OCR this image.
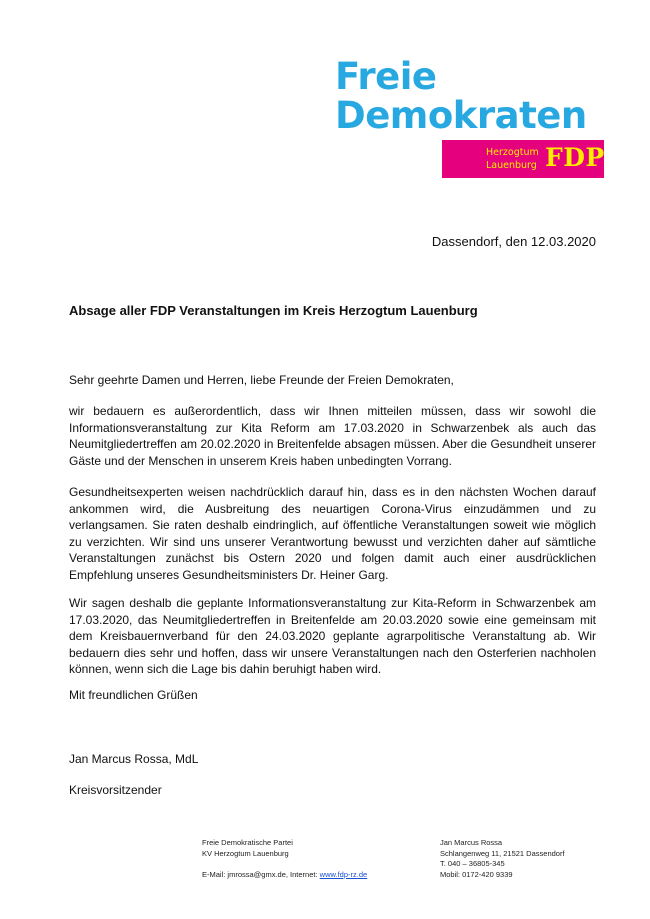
Freie
Demokraten
Herzogtum
Lauenburg FDP
Dassendorf, den 12.03.2020
Absage aller FDP Veranstaltungen im Kreis Herzogtum Lauenburg
Sehr geehrte Damen und Herren, liebe Freunde der Freien Demokraten,
wir bedauern es außerordentlich, dass wir Ihnen mitteilen müssen, dass wir sowohl die Informationsveranstaltung zur Kita Reform am 17.03.2020 in Schwarzenbek als auch das Neumitgliedertreffen am 20.02.2020 in Breitenfelde absagen müssen. Aber die Gesundheit unserer Gäste und der Menschen in unserem Kreis haben unbedingten Vorrang.
Gesundheitsexperten weisen nachdrücklich darauf hin, dass es in den nächsten Wochen darauf ankommen wird, die Ausbreitung des neuartigen Corona-Virus einzudämmen und zu verlangsamen. Sie raten deshalb eindringlich, auf öffentliche Veranstaltungen soweit wie möglich zu verzichten. Wir sind uns unserer Verantwortung bewusst und verzichten daher auf sämtliche Veranstaltungen zunächst bis Ostern 2020 und folgen damit auch einer ausdrücklichen Empfehlung unseres Gesundheitsministers Dr. Heiner Garg.
Wir sagen deshalb die geplante Informationsveranstaltung zur Kita-Reform in Schwarzenbek am 17.03.2020, das Neumitgliedertreffen in Breitenfelde am 20.03.2020 sowie eine gemeinsam mit dem Kreisbauernverband für den 24.03.2020 geplante agrarpolitische Veranstaltung ab. Wir bedauern dies sehr und hoffen, dass wir unsere Veranstaltungen nach den Osterferien nachholen können, wenn sich die Lage bis dahin beruhigt haben wird.
Mit freundlichen Grüßen
Jan Marcus Rossa, MdL
Kreisvorsitzender
Freie Demokratische Partei
KV Herzogtum Lauenburg
E-Mail: jmrossa@gmx.de, Internet: www.fdp-rz.de
Jan Marcus Rossa
Schlangenweg 11, 21521 Dassendorf
T. 040 – 36805-345
Mobil: 0172-420 9339
